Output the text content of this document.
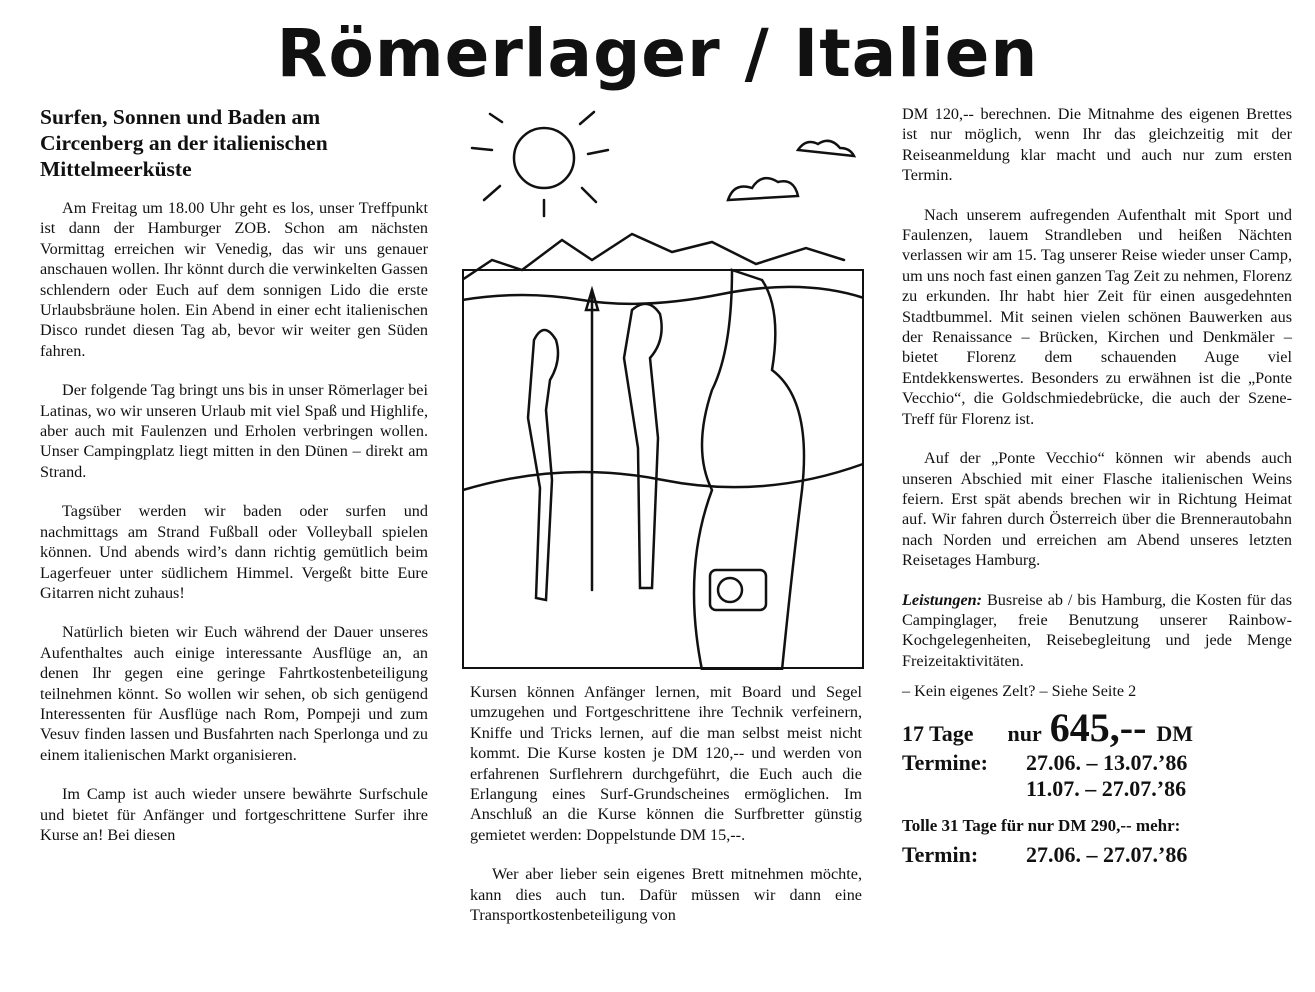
Römerlager / Italien
Surfen, Sonnen und Baden am Circenberg an der italienischen Mittelmeerküste

Am Freitag um 18.00 Uhr geht es los, unser Treffpunkt ist dann der Hamburger ZOB. Schon am nächsten Vormittag erreichen wir Venedig, das wir uns genauer anschauen wollen. Ihr könnt durch die verwinkelten Gassen schlendern oder Euch auf dem sonnigen Lido die erste Urlaubsbräune holen. Ein Abend in einer echt italienischen Disco rundet diesen Tag ab, bevor wir weiter gen Süden fahren.

Der folgende Tag bringt uns bis in unser Römerlager bei Latinas, wo wir unseren Urlaub mit viel Spaß und Highlife, aber auch mit Faulenzen und Erholen verbringen wollen. Unser Campingplatz liegt mitten in den Dünen – direkt am Strand.

Tagsüber werden wir baden oder surfen und nachmittags am Strand Fußball oder Volleyball spielen können. Und abends wird’s dann richtig gemütlich beim Lagerfeuer unter südlichem Himmel. Vergeßt bitte Eure Gitarren nicht zuhaus!

Natürlich bieten wir Euch während der Dauer unseres Aufenthaltes auch einige interessante Ausflüge an, an denen Ihr gegen eine geringe Fahrtkostenbeteiligung teilnehmen könnt. So wollen wir sehen, ob sich genügend Interessenten für Ausflüge nach Rom, Pompeji und zum Vesuv finden lassen und Busfahrten nach Sperlonga und zu einem italienischen Markt organisieren.

Im Camp ist auch wieder unsere bewährte Surfschule und bietet für Anfänger und fortgeschrittene Surfer ihre Kurse an! Bei diesen

Kursen können Anfänger lernen, mit Board und Segel umzugehen und Fortgeschrittene ihre Technik verfeinern, Kniffe und Tricks lernen, auf die man selbst meist nicht kommt. Die Kurse kosten je DM 120,-- und werden von erfahrenen Surflehrern durchgeführt, die Euch auch die Erlangung eines Surf-Grundscheines ermöglichen. Im Anschluß an die Kurse können die Surfbretter günstig gemietet werden: Doppelstunde DM 15,--.

Wer aber lieber sein eigenes Brett mitnehmen möchte, kann dies auch tun. Dafür müssen wir dann eine Transportkostenbeteiligung von

DM 120,-- berechnen. Die Mitnahme des eigenen Brettes ist nur möglich, wenn Ihr das gleichzeitig mit der Reiseanmeldung klar macht und auch nur zum ersten Termin.

Nach unserem aufregenden Aufenthalt mit Sport und Faulenzen, lauem Strandleben und heißen Nächten verlassen wir am 15. Tag unserer Reise wieder unser Camp, um uns noch fast einen ganzen Tag Zeit zu nehmen, Florenz zu erkunden. Ihr habt hier Zeit für einen ausgedehnten Stadtbummel. Mit seinen vielen schönen Bauwerken aus der Renaissance – Brücken, Kirchen und Denkmäler – bietet Florenz dem schauenden Auge viel Entdekkenswertes. Besonders zu erwähnen ist die „Ponte Vecchio“, die Goldschmiedebrücke, die auch der Szene-Treff für Florenz ist.

Auf der „Ponte Vecchio“ können wir abends auch unseren Abschied mit einer Flasche italienischen Weins feiern. Erst spät abends brechen wir in Richtung Heimat auf. Wir fahren durch Österreich über die Brennerautobahn nach Norden und erreichen am Abend unseres letzten Reisetages Hamburg.

Leistungen: Busreise ab / bis Hamburg, die Kosten für das Campinglager, freie Benutzung unserer Rainbow-Kochgelegenheiten, Reisebegleitung und jede Menge Freizeitaktivitäten.

– Kein eigenes Zelt? – Siehe Seite 2

17 Tage nur 645,-- DM
Termine: 27.06. – 13.07.’86
11.07. – 27.07.’86
Tolle 31 Tage für nur DM 290,-- mehr:
Termin: 27.06. – 27.07.’86
